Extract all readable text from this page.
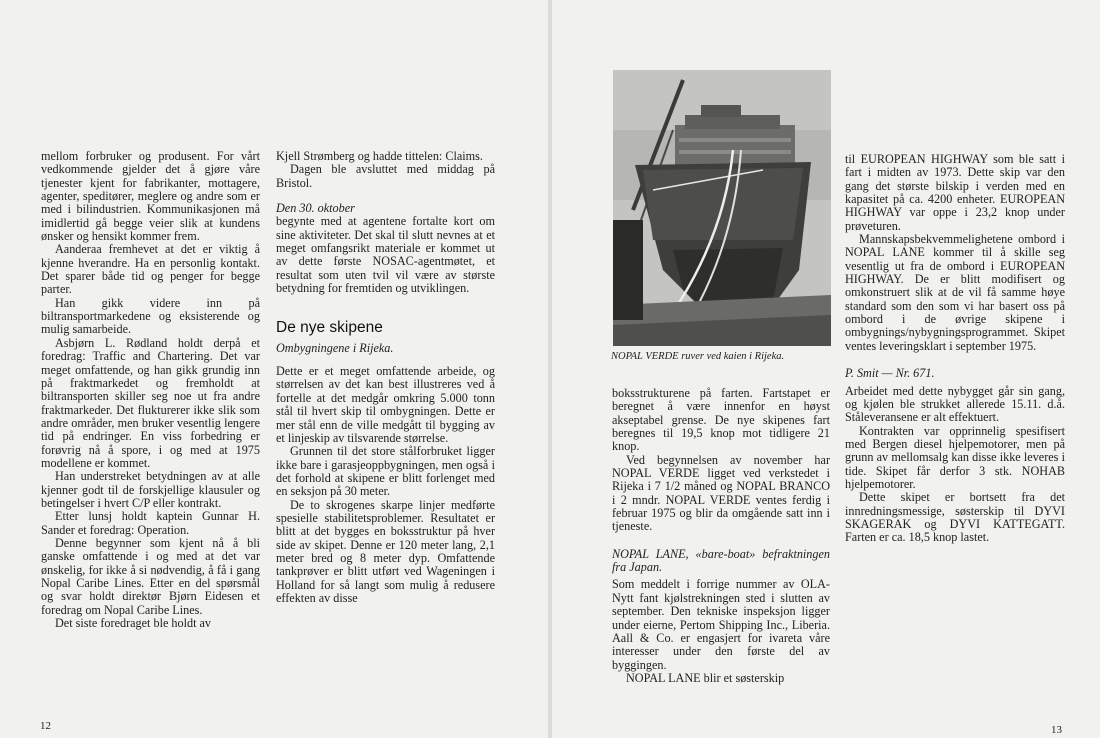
mellom forbruker og produsent. For vårt vedkommende gjelder det å gjøre våre tjenester kjent for fabrikanter, mottagere, agenter, speditører, meglere og andre som er med i bilindustrien. Kommunikasjonen må imidlertid gå begge veier slik at kundens ønsker og hensikt kommer frem.

Aanderaa fremhevet at det er viktig å kjenne hverandre. Ha en personlig kontakt. Det sparer både tid og penger for begge parter.

Han gikk videre inn på biltransportmarkedene og eksisterende og mulig samarbeide.

Asbjørn L. Rødland holdt derpå et foredrag: Traffic and Chartering. Det var meget omfattende, og han gikk grundig inn på fraktmarkedet og fremholdt at biltransporten skiller seg noe ut fra andre fraktmarkeder. Det flukturerer ikke slik som andre områder, men bruker vesentlig lengere tid på endringer. En viss forbedring er forøvrig nå å spore, i og med at 1975 modellene er kommet.

Han understreket betydningen av at alle kjenner godt til de forskjellige klausuler og betingelser i hvert C/P eller kontrakt.

Etter lunsj holdt kaptein Gunnar H. Sander et foredrag: Operation.

Denne begynner som kjent nå å bli ganske omfattende i og med at det var ønskelig, for ikke å si nødvendig, å få i gang Nopal Caribe Lines. Etter en del spørsmål og svar holdt direktør Bjørn Eidesen et foredrag om Nopal Caribe Lines.

Det siste foredraget ble holdt av

Kjell Strømberg og hadde tittelen: Claims.

Dagen ble avsluttet med middag på Bristol.

Den 30. oktober

begynte med at agentene fortalte kort om sine aktiviteter. Det skal til slutt nevnes at et meget omfangsrikt materiale er kommet ut av dette første NOSAC-agentmøtet, et resultat som uten tvil vil være av største betydning for fremtiden og utviklingen.

De nye skipene

Ombygningene i Rijeka.

Dette er et meget omfattende arbeide, og størrelsen av det kan best illustreres ved å fortelle at det medgår omkring 5.000 tonn stål til hvert skip til ombygningen. Dette er mer stål enn de ville medgått til bygging av et linjeskip av tilsvarende størrelse.

Grunnen til det store stålforbruket ligger ikke bare i garasjeoppbygningen, men også i det forhold at skipene er blitt forlenget med en seksjon på 30 meter.

De to skrogenes skarpe linjer medførte spesielle stabilitetsproblemer. Resultatet er blitt at det bygges en boksstruktur på hver side av skipet. Denne er 120 meter lang, 2,1 meter bred og 8 meter dyp. Omfattende tankprøver er blitt utført ved Wageningen i Holland for så langt som mulig å redusere effekten av disse

12
NOPAL VERDE ruver ved kaien i Rijeka.

boksstrukturene på farten. Fartstapet er beregnet å være innenfor en høyst akseptabel grense. De nye skipenes fart beregnes til 19,5 knop mot tidligere 21 knop.

Ved begynnelsen av november har NOPAL VERDE ligget ved verkstedet i Rijeka i 7 1/2 måned og NOPAL BRANCO i 2 mndr. NOPAL VERDE ventes ferdig i februar 1975 og blir da omgående satt inn i tjeneste.

NOPAL LANE, «bare-boat» befraktningen fra Japan.

Som meddelt i forrige nummer av OLA-Nytt fant kjølstrekningen sted i slutten av september. Den tekniske inspeksjon ligger under eierne, Pertom Shipping Inc., Liberia. Aall & Co. er engasjert for ivareta våre interesser under den første del av byggingen.

NOPAL LANE blir et søsterskip

til EUROPEAN HIGHWAY som ble satt i fart i midten av 1973. Dette skip var den gang det største bilskip i verden med en kapasitet på ca. 4200 enheter. EUROPEAN HIGHWAY var oppe i 23,2 knop under prøveturen.

Mannskapsbekvemmelighetene ombord i NOPAL LANE kommer til å skille seg vesentlig ut fra de ombord i EUROPEAN HIGHWAY. De er blitt modifisert og omkonstruert slik at de vil få samme høye standard som den som vi har basert oss på ombord i de øvrige skipene i ombygnings/nybygningsprogrammet. Skipet ventes leveringsklart i september 1975.

P. Smit — Nr. 671.

Arbeidet med dette nybygget går sin gang, og kjølen ble strukket allerede 15.11. d.å. Ståleveransene er alt effektuert.

Kontrakten var opprinnelig spesifisert med Bergen diesel hjelpemotorer, men på grunn av mellomsalg kan disse ikke leveres i tide. Skipet får derfor 3 stk. NOHAB hjelpemotorer.

Dette skipet er bortsett fra det innredningsmessige, søsterskip til DYVI SKAGERAK og DYVI KATTEGATT. Farten er ca. 18,5 knop lastet.

13
